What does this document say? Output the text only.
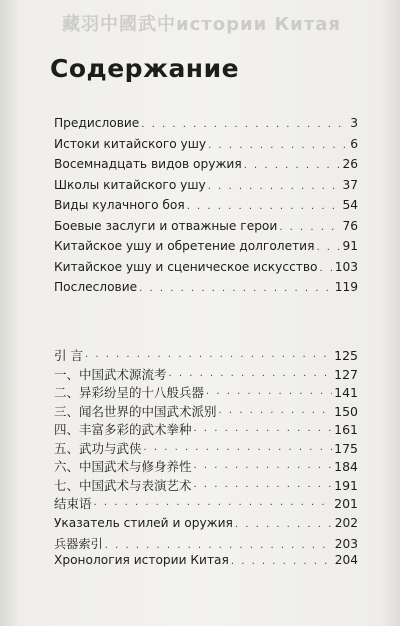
藏羽中國武中истории Китая
Содержание
Предисловие . . .	3
Истоки китайского ушу . . .	6
Восемнадцать видов оружия . . .	26
Школы китайского ушу . . .	37
Виды кулачного боя . . .	54
Боевые заслуги и отважные герои . . .	76
Китайское ушу и обретение долголетия . . . 91
Китайское ушу и сценическое искусство . . . 103
Послесловие . . .	119
引 言 · · ·	125
一、中国武术源流考 · · ·	127
二、异彩纷呈的十八般兵器 · · ·	141
三、闻名世界的中国武术派别 · · ·	150
四、丰富多彩的武术拳种 · · ·	161
五、武功与武侠 · · ·	175
六、中国武术与修身养性 · · ·	184
七、中国武术与表演艺术 · · ·	191
结束语 · · ·	201
Указатель стилей и оружия . . .	202
兵器索引 . . .	203
Хронология истории Китая . . .	204
